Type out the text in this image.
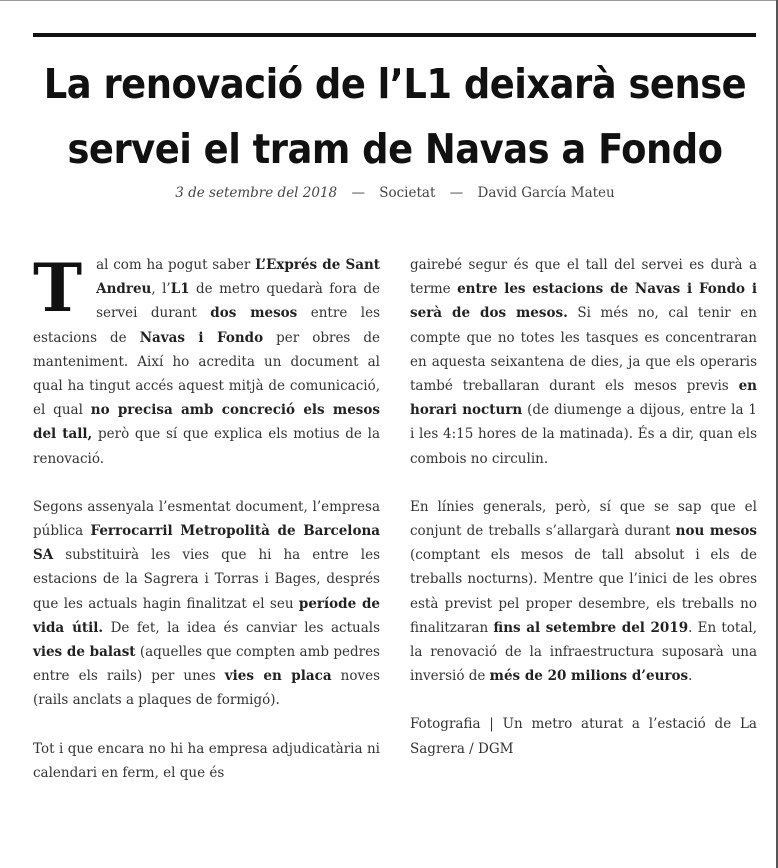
La renovació de l’L1 deixarà sense servei el tram de Navas a Fondo
3 de setembre del 2018 — Societat — David García Mateu

T al com ha pogut saber L’Exprés de Sant Andreu, l’L1 de metro quedarà fora de servei durant dos mesos entre les estacions de Navas i Fondo per obres de manteniment. Així ho acredita un document al qual ha tingut accés aquest mitjà de comunicació, el qual no precisa amb concreció els mesos del tall, però que sí que explica els motius de la renovació.

Segons assenyala l’esmentat document, l’empresa pública Ferrocarril Metropolità de Barcelona SA substituirà les vies que hi ha entre les estacions de la Sagrera i Torras i Bages, després que les actuals hagin finalitzat el seu període de vida útil. De fet, la idea és canviar les actuals vies de balast (aquelles que compten amb pedres entre els rails) per unes vies en placa noves (rails anclats a plaques de formigó).

Tot i que encara no hi ha empresa adjudicatària ni calendari en ferm, el que és

gairebé segur és que el tall del servei es durà a terme entre les estacions de Navas i Fondo i serà de dos mesos. Si més no, cal tenir en compte que no totes les tasques es concentraran en aquesta seixantena de dies, ja que els operaris també treballaran durant els mesos previs en horari nocturn (de diumenge a dijous, entre la 1 i les 4:15 hores de la matinada). És a dir, quan els combois no circulin.

En línies generals, però, sí que se sap que el conjunt de treballs s’allargarà durant nou mesos (comptant els mesos de tall absolut i els de treballs nocturns). Mentre que l’inici de les obres està previst pel proper desembre, els treballs no finalitzaran fins al setembre del 2019. En total, la renovació de la infraestructura suposarà una inversió de més de 20 milions d’euros.

Fotografia | Un metro aturat a l’estació de La Sagrera / DGM
